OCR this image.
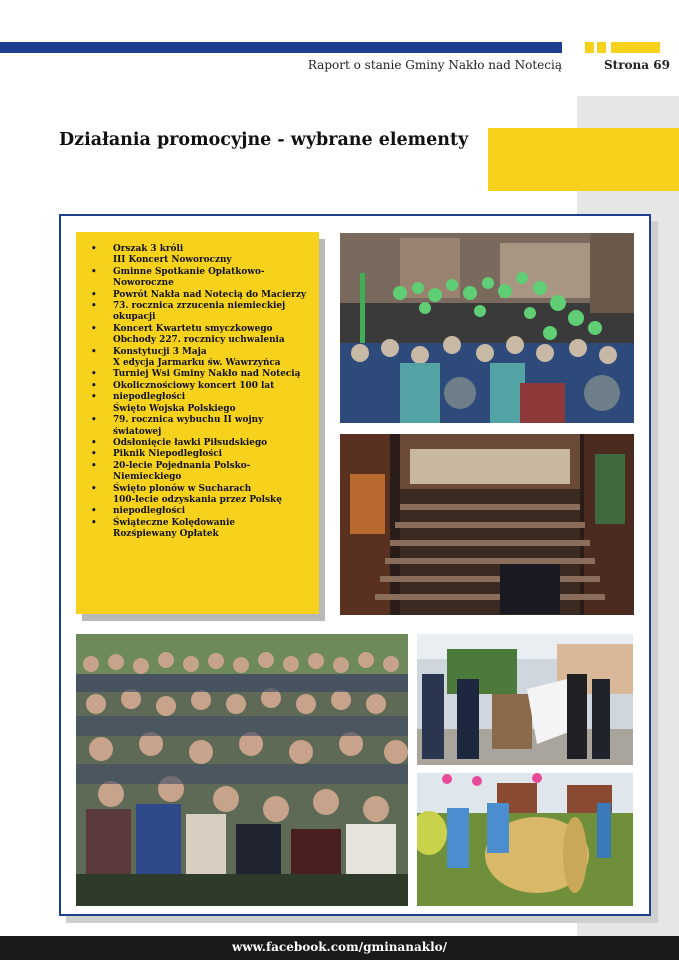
Raport o stanie Gminy Nakło nad Notecią	Strona 69
Działania promocyjne - wybrane elementy
• Orszak 3 króli
III Koncert Noworoczny
• Gminne Spotkanie Opłatkowo-
Noworoczne
• Powrót Nakła nad Notecią do Macierzy
• 73. rocznica zrzucenia niemieckiej
okupacji
• Koncert Kwartetu smyczkowego
Obchody 227. rocznicy uchwalenia
• Konstytucji 3 Maja
X edycja Jarmarku św. Wawrzyńca
• Turniej Wsi Gminy Nakło nad Notecią
• Okolicznościowy koncert 100 lat
• niepodległości
Święto Wojska Polskiego
• 79. rocznica wybuchu II wojny
światowej
• Odsłonięcie ławki Piłsudskiego
• Piknik Niepodległości
• 20-lecie Pojednania Polsko-
Niemieckiego
• Święto plonów w Sucharach
100-lecie odzyskania przez Polskę
• niepodległości
• Świąteczne Kolędowanie
Rozśpiewany Opłatek
www.facebook.com/gminanaklo/
